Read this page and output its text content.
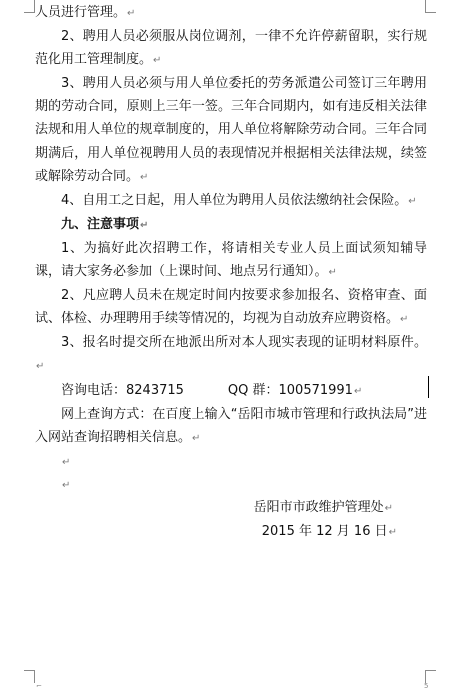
人员进行管理。↵

2、聘用人员必须服从岗位调剂，一律不允许停薪留职，实行规范化用工管理制度。↵

3、聘用人员必须与用人单位委托的劳务派遣公司签订三年聘用期的劳动合同，原则上三年一签。三年合同期内，如有违反相关法律法规和用人单位的规章制度的，用人单位将解除劳动合同。三年合同期满后，用人单位视聘用人员的表现情况并根据相关法律法规，续签或解除劳动合同。↵

4、自用工之日起，用人单位为聘用人员依法缴纳社会保险。↵

九、注意事项↵

1、为搞好此次招聘工作，将请相关专业人员上面试须知辅导课，请大家务必参加（上课时间、地点另行通知）。↵

2、凡应聘人员未在规定时间内按要求参加报名、资格审查、面试、体检、办理聘用手续等情况的，均视为自动放弃应聘资格。↵

3、报名时提交所在地派出所对本人现实表现的证明材料原件。↵

咨询电话：8243715	QQ 群：100571991↵

网上查询方式：在百度上输入“岳阳市城市管理和行政执法局”进入网站查询招聘相关信息。↵

↵

↵

岳阳市市政维护管理处↵

2015 年 12 月 16 日↵

⌐	5
